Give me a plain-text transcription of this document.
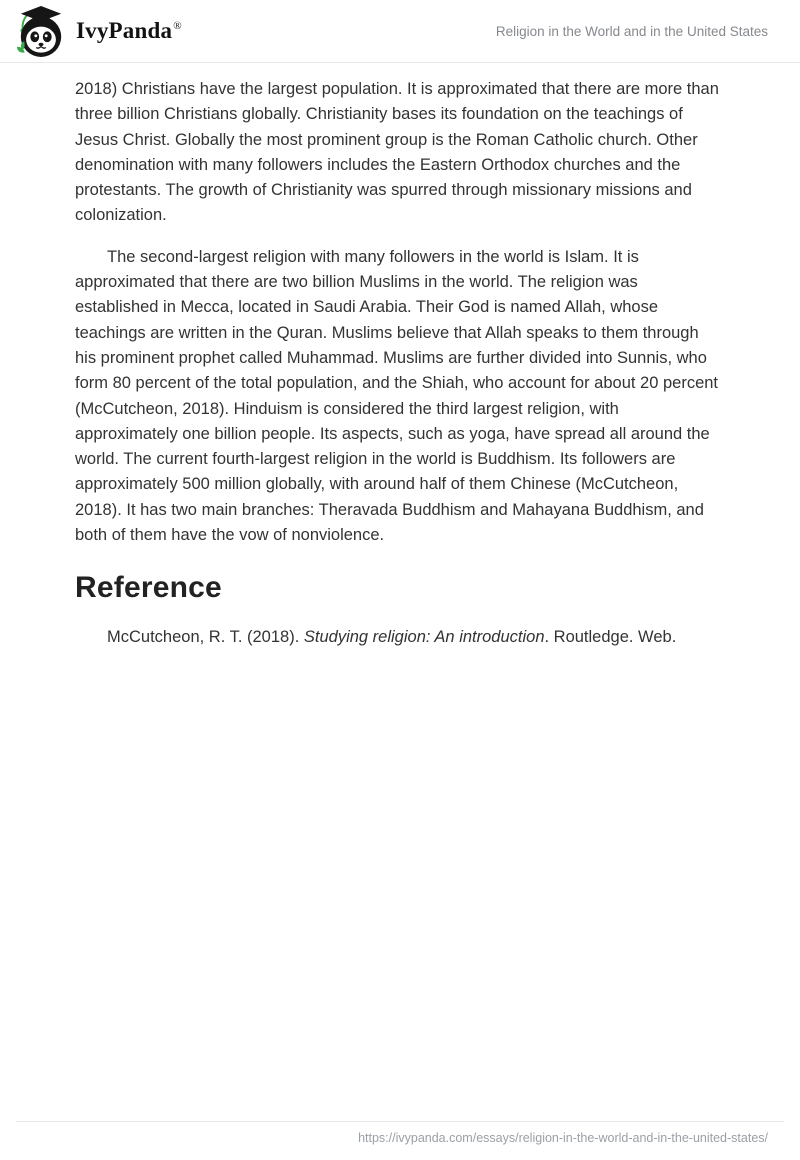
IvyPanda®	Religion in the World and in the United States

2018) Christians have the largest population. It is approximated that there are more than three billion Christians globally. Christianity bases its foundation on the teachings of Jesus Christ. Globally the most prominent group is the Roman Catholic church. Other denomination with many followers includes the Eastern Orthodox churches and the protestants. The growth of Christianity was spurred through missionary missions and colonization.

The second-largest religion with many followers in the world is Islam. It is approximated that there are two billion Muslims in the world. The religion was established in Mecca, located in Saudi Arabia. Their God is named Allah, whose teachings are written in the Quran. Muslims believe that Allah speaks to them through his prominent prophet called Muhammad. Muslims are further divided into Sunnis, who form 80 percent of the total population, and the Shiah, who account for about 20 percent (McCutcheon, 2018). Hinduism is considered the third largest religion, with approximately one billion people. Its aspects, such as yoga, have spread all around the world. The current fourth-largest religion in the world is Buddhism. Its followers are approximately 500 million globally, with around half of them Chinese (McCutcheon, 2018). It has two main branches: Theravada Buddhism and Mahayana Buddhism, and both of them have the vow of nonviolence.

Reference

McCutcheon, R. T. (2018). Studying religion: An introduction. Routledge. Web.

https://ivypanda.com/essays/religion-in-the-world-and-in-the-united-states/
